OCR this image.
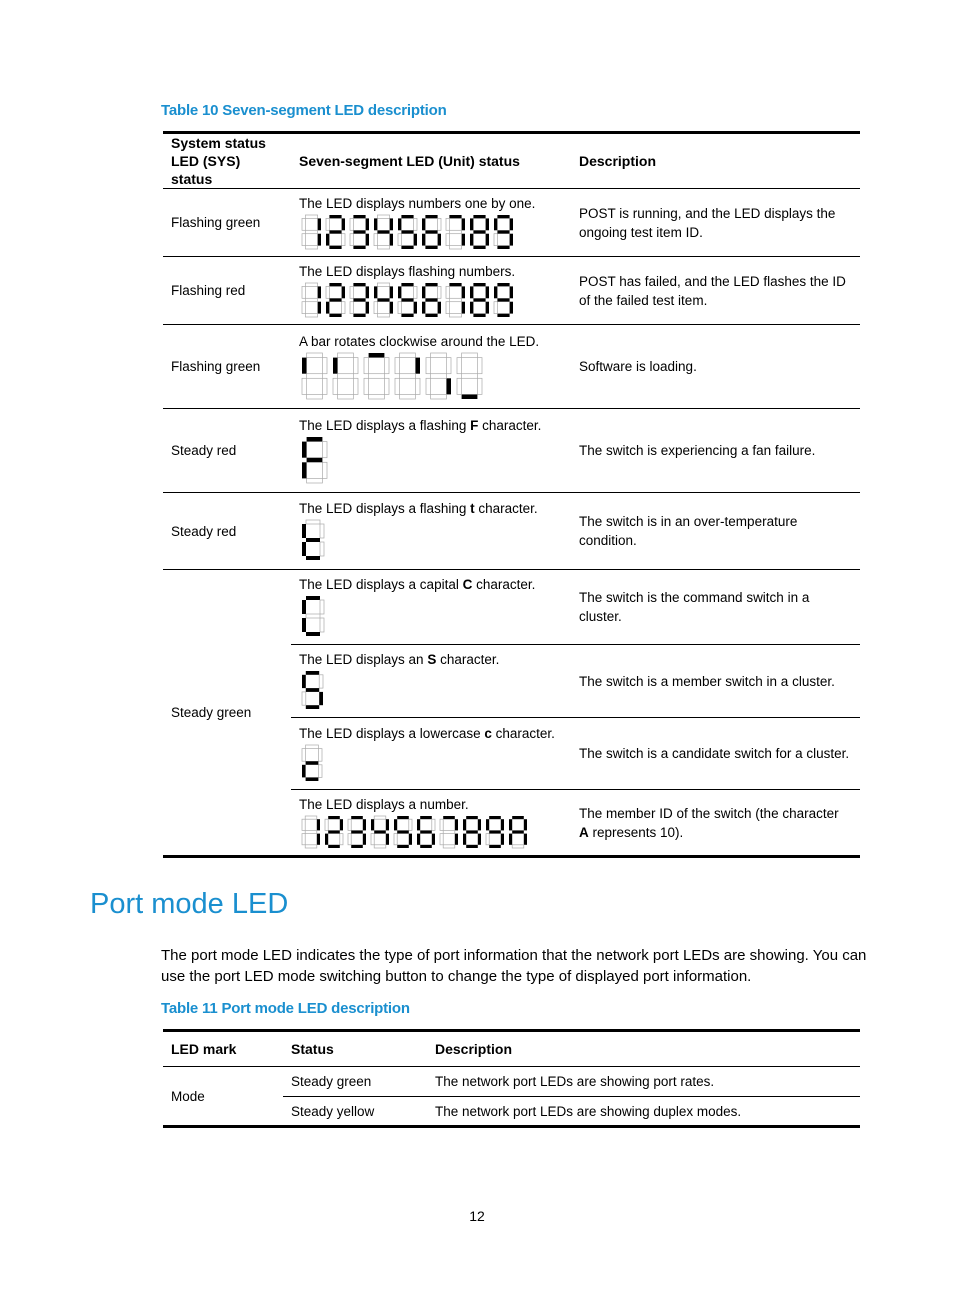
Table 10 Seven-segment LED description
System status
LED (SYS) status	Seven-segment LED (Unit) status	Description
Flashing green	The LED displays numbers one by one.	POST is running, and the LED displays the ongoing test item ID.
Flashing red	The LED displays flashing numbers.	POST has failed, and the LED flashes the ID of the failed test item.
Flashing green	A bar rotates clockwise around the LED.	Software is loading.
Steady red	The LED displays a flashing F character.	The switch is experiencing a fan failure.
Steady red	The LED displays a flashing t character.	The switch is in an over-temperature condition.
Steady green	The LED displays a capital C character.	The switch is the command switch in a cluster.

	The LED displays an S character.	The switch is a member switch in a cluster.

	The LED displays a lowercase c character.	The switch is a candidate switch for a cluster.

	The LED displays a number.	The member ID of the switch (the character A represents 10).
Port mode LED
The port mode LED indicates the type of port information that the network port LEDs are showing. You can use the port LED mode switching button to change the type of displayed port information.
Table 11 Port mode LED description
LED mark	Status	Description
Mode	Steady green	The network port LEDs are showing port rates.
	Steady yellow	The network port LEDs are showing duplex modes.
12
